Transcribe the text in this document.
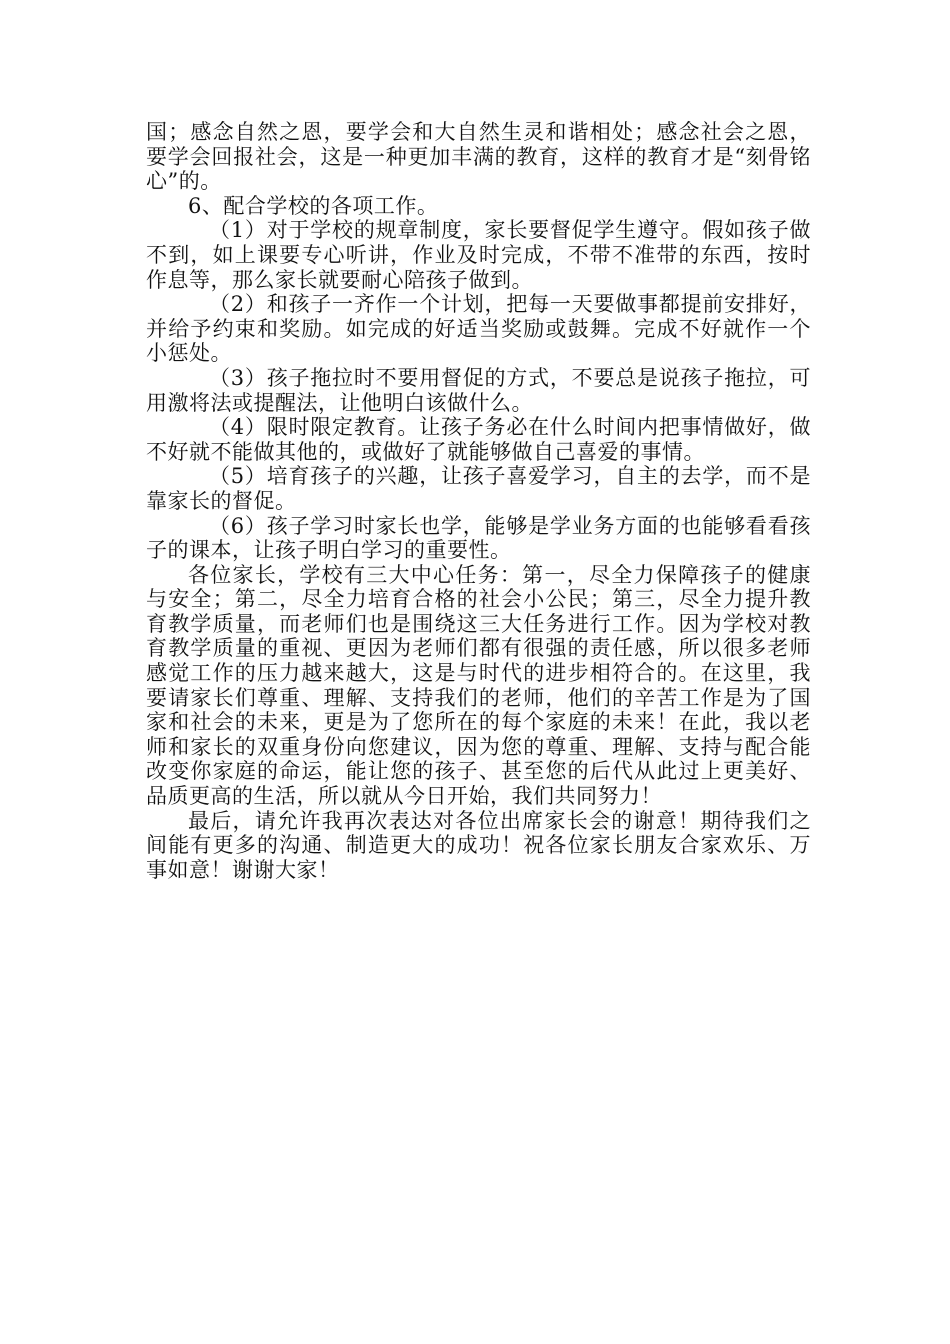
国；感念自然之恩，要学会和大自然生灵和谐相处；感念社会之恩，要学会回报社会，这是一种更加丰满的教育，这样的教育才是“刻骨铭心”的。

6、配合学校的各项工作。

（1）对于学校的规章制度，家长要督促学生遵守。假如孩子做不到，如上课要专心听讲，作业及时完成，不带不准带的东西，按时作息等，那么家长就要耐心陪孩子做到。

（2）和孩子一齐作一个计划，把每一天要做事都提前安排好，并给予约束和奖励。如完成的好适当奖励或鼓舞。完成不好就作一个小惩处。

（3）孩子拖拉时不要用督促的方式，不要总是说孩子拖拉，可用激将法或提醒法，让他明白该做什么。

（4）限时限定教育。让孩子务必在什么时间内把事情做好，做不好就不能做其他的，或做好了就能够做自己喜爱的事情。

（5）培育孩子的兴趣，让孩子喜爱学习，自主的去学，而不是靠家长的督促。

（6）孩子学习时家长也学，能够是学业务方面的也能够看看孩子的课本，让孩子明白学习的重要性。

各位家长，学校有三大中心任务：第一，尽全力保障孩子的健康与安全；第二，尽全力培育合格的社会小公民；第三，尽全力提升教育教学质量，而老师们也是围绕这三大任务进行工作。因为学校对教育教学质量的重视、更因为老师们都有很强的责任感，所以很多老师感觉工作的压力越来越大，这是与时代的进步相符合的。在这里，我要请家长们尊重、理解、支持我们的老师，他们的辛苦工作是为了国家和社会的未来，更是为了您所在的每个家庭的未来！在此，我以老师和家长的双重身份向您建议，因为您的尊重、理解、支持与配合能改变你家庭的命运，能让您的孩子、甚至您的后代从此过上更美好、品质更高的生活，所以就从今日开始，我们共同努力！

最后，请允许我再次表达对各位出席家长会的谢意！期待我们之间能有更多的沟通、制造更大的成功！祝各位家长朋友合家欢乐、万事如意！谢谢大家！
